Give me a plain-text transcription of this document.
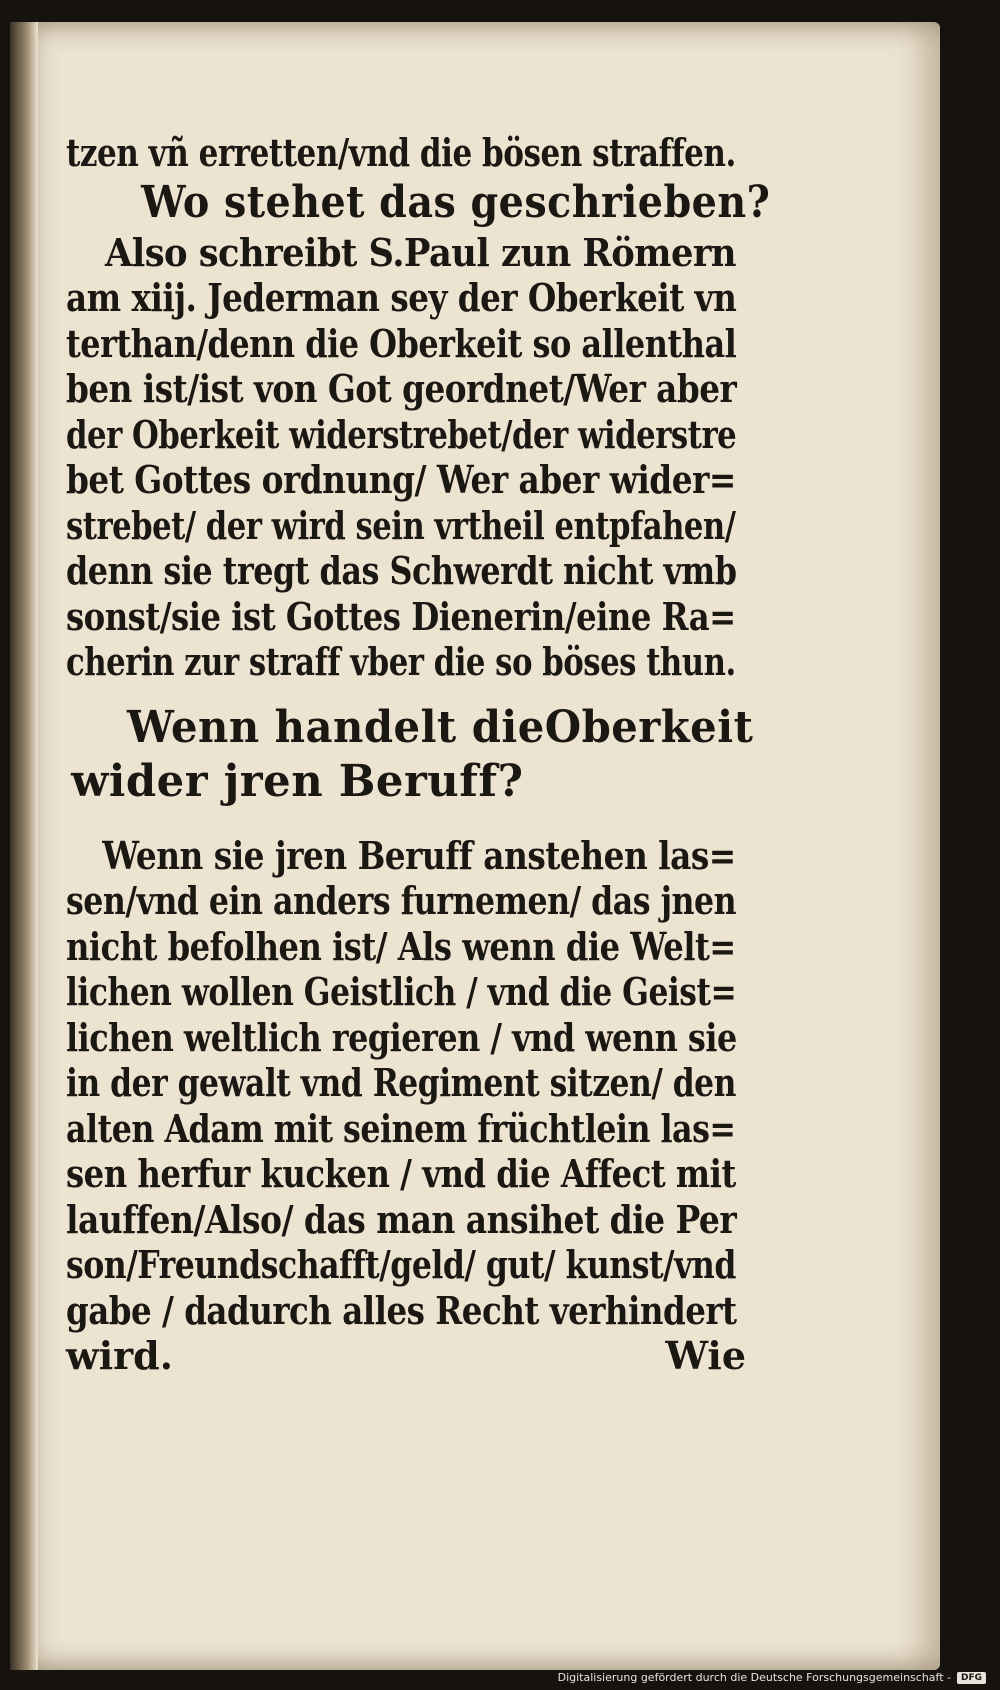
tzen vñ erretten/vnd die bösen straffen.
Wo stehet das geschrieben?
Also schreibt S.Paul zun Römern
am xiij. Jederman sey der Oberkeit vn
terthan/denn die Oberkeit so allenthal
ben ist/ist von Got geordnet/Wer aber
der Oberkeit widerstrebet/der widerstre
bet Gottes ordnung/ Wer aber wider=
strebet/ der wird sein vrtheil entpfahen/
denn sie tregt das Schwerdt nicht vmb
sonst/sie ist Gottes Dienerin/eine Ra=
cherin zur straff vber die so böses thun.
Wenn handelt dieOberkeit
wider jren Beruff?
Wenn sie jren Beruff anstehen las=
sen/vnd ein anders furnemen/ das jnen
nicht befolhen ist/ Als wenn die Welt=
lichen wollen Geistlich / vnd die Geist=
lichen weltlich regieren / vnd wenn sie
in der gewalt vnd Regiment sitzen/ den
alten Adam mit seinem früchtlein las=
sen herfur kucken / vnd die Affect mit
lauffen/Also/ das man ansihet die Per
son/Freundschafft/geld/ gut/ kunst/vnd
gabe / dadurch alles Recht verhindert
wird.	Wie
Digitalisierung gefördert durch die Deutsche Forschungsgemeinschaft -	DFG
